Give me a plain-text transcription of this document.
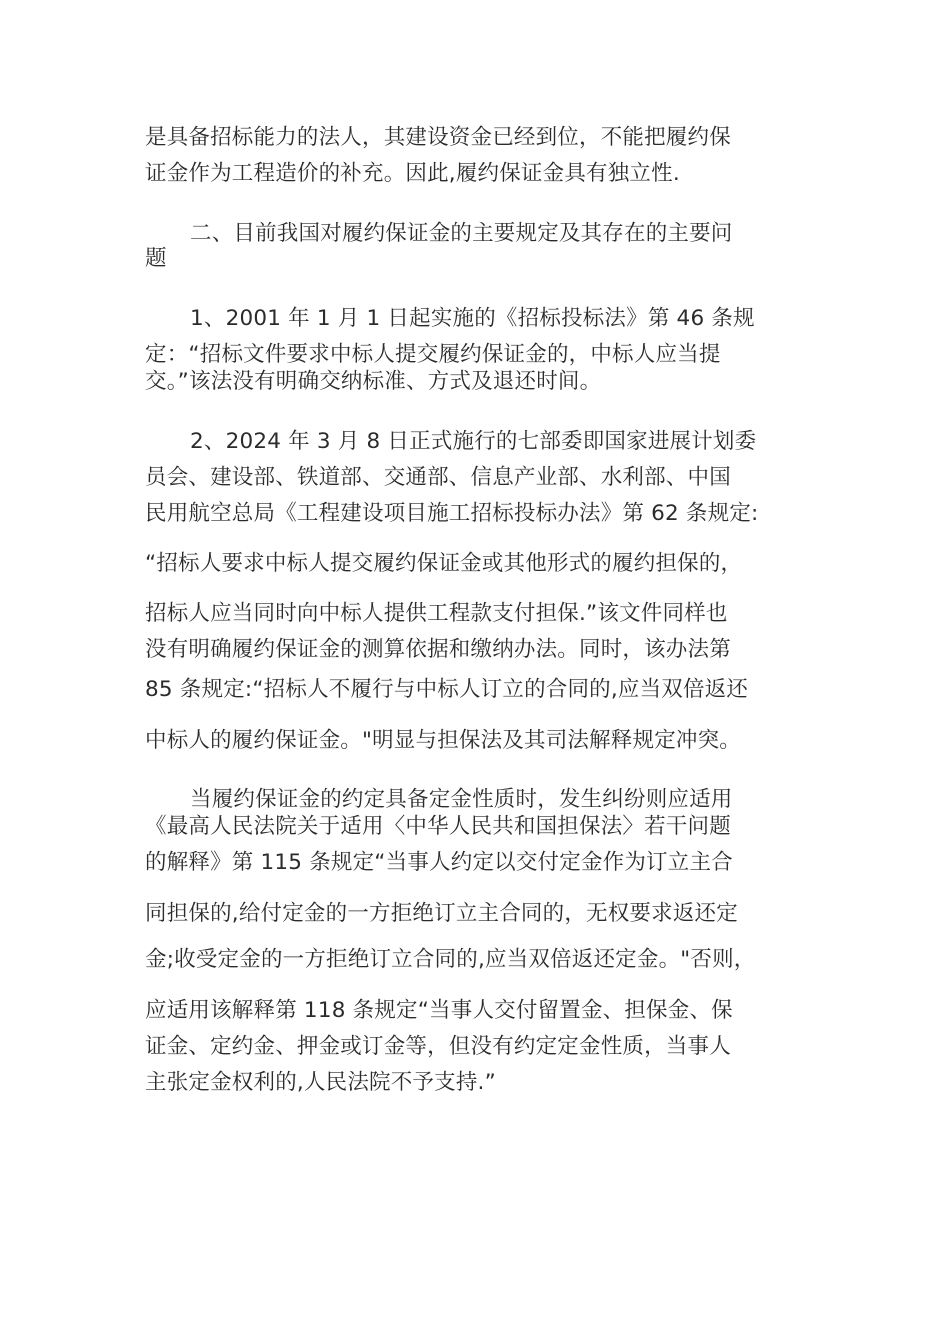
是具备招标能力的法人，其建设资金已经到位，不能把履约保

证金作为工程造价的补充。因此,履约保证金具有独立性.

二、目前我国对履约保证金的主要规定及其存在的主要问

题

1、2001 年 1 月 1 日起实施的《招标投标法》第 46 条规

定：“招标文件要求中标人提交履约保证金的，中标人应当提

交。”该法没有明确交纳标准、方式及退还时间。

2、2024 年 3 月 8 日正式施行的七部委即国家进展计划委

员会、建设部、铁道部、交通部、信息产业部、水利部、中国

民用航空总局《工程建设项目施工招标投标办法》第 62 条规定:

“招标人要求中标人提交履约保证金或其他形式的履约担保的，

招标人应当同时向中标人提供工程款支付担保.”该文件同样也

没有明确履约保证金的测算依据和缴纳办法。同时，该办法第

85 条规定:“招标人不履行与中标人订立的合同的,应当双倍返还

中标人的履约保证金。"明显与担保法及其司法解释规定冲突。

当履约保证金的约定具备定金性质时，发生纠纷则应适用

《最高人民法院关于适用〈中华人民共和国担保法〉若干问题

的解释》第 115 条规定“当事人约定以交付定金作为订立主合

同担保的,给付定金的一方拒绝订立主合同的，无权要求返还定

金;收受定金的一方拒绝订立合同的,应当双倍返还定金。"否则，

应适用该解释第 118 条规定“当事人交付留置金、担保金、保

证金、定约金、押金或订金等，但没有约定定金性质，当事人

主张定金权利的,人民法院不予支持.”
